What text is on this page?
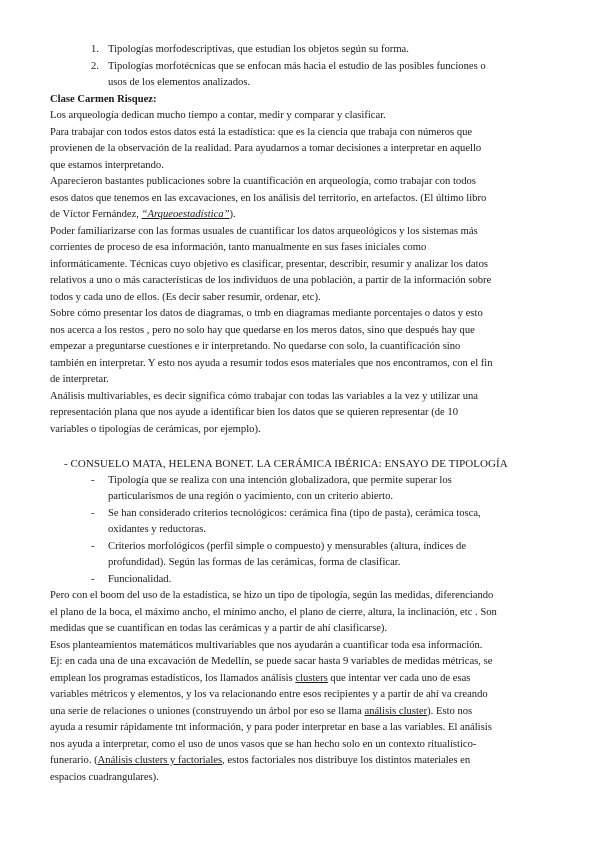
1. Tipologías morfodescriptivas, que estudian los objetos según su forma.
2. Tipologías morfotécnicas que se enfocan más hacia el estudio de las posibles funciones o
usos de los elementos analizados.
Clase Carmen Risquez:
Los arqueología dedican mucho tiempo a contar, medir y comparar y clasificar.
Para trabajar con todos estos datos está la estadística: que es la ciencia que trabaja con números que
provienen de la observación de la realidad. Para ayudarnos a tomar decisiones a interpretar en aquello
que estamos interpretando.
Aparecieron bastantes publicaciones sobre la cuantificación en arqueología, como trabajar con todos
esos datos que tenemos en las excavaciones, en los análisis del territorio, en artefactos. (El último libro
de Víctor Fernández, “Arqueoestadística”).
Poder familiarizarse con las formas usuales de cuantificar los datos arqueológicos y los sistemas más
corrientes de proceso de esa información, tanto manualmente en sus fases iniciales como
informáticamente. Técnicas cuyo objetivo es clasificar, presentar, describir, resumir y analizar los datos
relativos a uno o más características de los individuos de una población, a partir de la información sobre
todos y cada uno de ellos. (Es decir saber resumir, ordenar, etc).
Sobre cómo presentar los datos de diagramas, o tmb en diagramas mediante porcentajes o datos y esto
nos acerca a los restos , pero no solo hay que quedarse en los meros datos, sino que después hay que
empezar a preguntarse cuestiones e ir interpretando. No quedarse con solo, la cuantificación sino
también en interpretar. Y esto nos ayuda a resumir todos esos materiales que nos encontramos, con el fin
de interpretar.
Análisis multivariables, es decir significa cómo trabajar con todas las variables a la vez y utilizar una
representación plana que nos ayude a identificar bien los datos que se quieren representar (de 10
variables o tipologías de cerámicas, por ejemplo).
- CONSUELO MATA, HELENA BONET. LA CERÁMICA IBÉRICA: ENSAYO DE TIPOLOGÍA
- Tipología que se realiza con una intención globalizadora, que permite superar los
particularismos de una región o yacimiento, con un criterio abierto.
- Se han considerado criterios tecnológicos: cerámica fina (tipo de pasta), cerámica tosca,
oxidantes y reductoras.
- Criterios morfológicos (perfil simple o compuesto) y mensurables (altura, índices de
profundidad). Según las formas de las cerámicas, forma de clasificar.
- Funcionalidad.
Pero con el boom del uso de la estadística, se hizo un tipo de tipología, según las medidas, diferenciando
el plano de la boca, el máximo ancho, el mínimo ancho, el plano de cierre, altura, la inclinación, etc . Son
medidas que se cuantifican en todas las cerámicas y a partir de ahí clasificarse).
Esos planteamientos matemáticos multivariables que nos ayudarán a cuantificar toda esa información.
Ej: en cada una de una excavación de Medellín, se puede sacar hasta 9 variables de medidas métricas, se
emplean los programas estadísticos, los llamados análisis clusters que intentar ver cada uno de esas
variables métricos y elementos, y los va relacionando entre esos recipientes y a partir de ahí va creando
una serie de relaciones o uniones (construyendo un árbol por eso se llama análisis cluster). Esto nos
ayuda a resumir rápidamente tnt información, y para poder interpretar en base a las variables. El análisis
nos ayuda a interpretar, como el uso de unos vasos que se han hecho solo en un contexto ritualístico-
funerario. (Análisis clusters y factoriales, estos factoriales nos distribuye los distintos materiales en
espacios cuadrangulares).
